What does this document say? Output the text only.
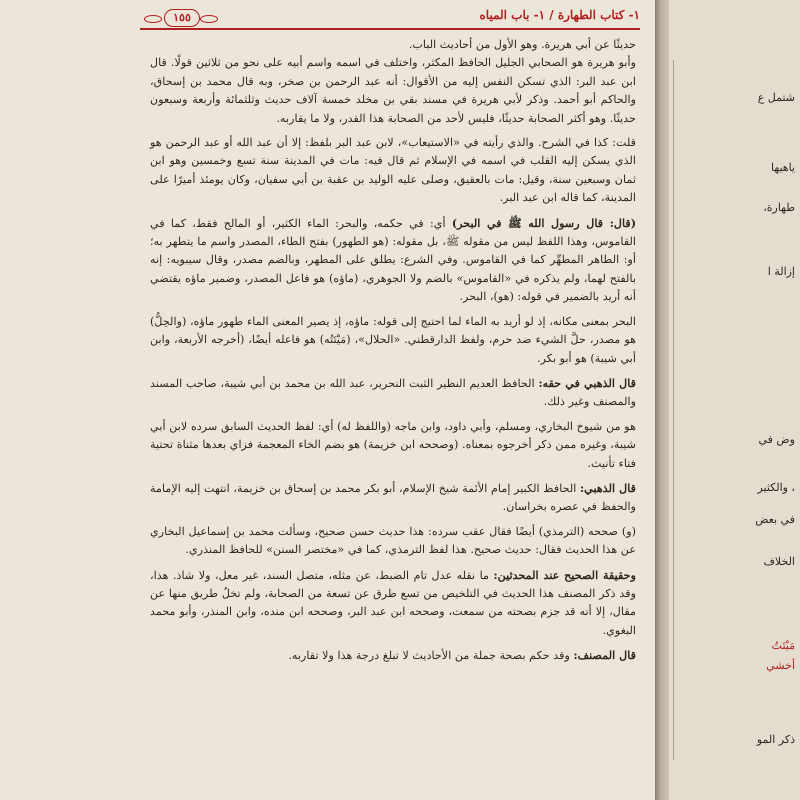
١٥٥	١- كتاب الطهارة / ١- باب المياه

حديثًا عن أبي هريرة. وهو الأول من أحاديث الباب.

وأبو هريرة هو الصحابي الجليل الحافظ المكثر، واختلف في اسمه واسم أبيه على نحو من ثلاثين قولًا. قال ابن عبد البر: الذي تسكن النفس إليه من الأقوال: أنه عبد الرحمن بن صخر، وبه قال محمد بن إسحاق، والحاكم أبو أحمد. وذكر لأبي هريرة في مسند بقي بن مخلد خمسة آلاف حديث وثلثمائة وأربعة وسبعون حديثًا. وهو أكثر الصحابة حديثًا، فليس لأحد من الصحابة هذا القدر، ولا ما يقاربه.

قلت: كذا في الشرح. والذي رأيته في «الاستيعاب»، لابن عبد البر بلفظ: إلا أن عبد الله أو عبد الرحمن هو الذي يسكن إليه القلب في اسمه في الإسلام ثم قال فيه: مات في المدينة سنة تسع وخمسين وهو ابن ثمان وسبعين سنة، وقيل: مات بالعقيق، وصلى عليه الوليد بن عقبة بن أبي سفيان، وكان يومئذ أميرًا على المدينة، كما قاله ابن عبد البر.

(قال: قال رسول الله ﷺ في البحر) أي: في حكمه، والبحر: الماء الكثير، أو المالح فقط، كما في القاموس، وهذا اللفظ ليس من مقوله ﷺ، بل مقوله: (هو الطهور) بفتح الطاء، المصدر واسم ما يتطهر به؛ أو: الطاهر المطهِّر كما في القاموس. وفي الشرع: يطلق على المطهر، وبالضم مصدر، وقال سيبويه: إنه بالفتح لهما، ولم يذكره في «القاموس» بالضم ولا الجوهري، (ماؤه) هو فاعل المصدر، وضمير ماؤه يقتضي أنه أريد بالضمير في قوله: (هو)، البحر.

البحر بمعنى مكانه، إذ لو أريد به الماء لما احتيج إلى قوله: ماؤه، إذ يصير المعنى الماء طهور ماؤه، (والحِلُّ) هو مصدر، حلَّ الشيء ضد حرم، ولفظ الدارقطني. «الحلال»، (مَيْتَتُه) هو فاعله أيضًا، (أخرجه الأربعة، وابن أبي شيبة) هو أبو بكر.

قال الذهبي في حقه: الحافظ العديم النظير الثبت النحرير، عبد الله بن محمد بن أبي شيبة، صاحب المسند والمصنف وغير ذلك.

هو من شيوخ البخاري، ومسلم، وأبي داود، وابن ماجه (واللفظ له) أي: لفظ الحديث السابق سرده لابن أبي شيبة، وغيره ممن ذكر أخرجوه بمعناه. (وصححه ابن خزيمة) هو بضم الخاء المعجمة فزاي بعدها مثناة تحتية فتاء تأنيث.

قال الذهبي: الحافظ الكبير إمام الأئمة شيخ الإسلام، أبو بكر محمد بن إسحاق بن خزيمة، انتهت إليه الإمامة والحفظ في عصره بخراسان.

(و) صححه (الترمذي) أيضًا فقال عقب سرده: هذا حديث حسن صحيح، وسألت محمد بن إسماعيل البخاري عن هذا الحديث فقال: حديث صحيح. هذا لفظ الترمذي، كما في «مختصر السنن» للحافظ المنذري.

وحقيقة الصحيح عند المحدثين: ما نقله عدل تام الضبط، عن مثله، متصل السند، غير معل، ولا شاذ. هذا، وقد ذكر المصنف هذا الحديث في التلخيص من تسع طرق عن تسعة من الصحابة، ولم تخلُ طريق منها عن مقال، إلا أنه قد جزم بصحته من سمعت، وصححه ابن عبد البر، وصححه ابن منده، وابن المنذر، وأبو محمد البغوي.

قال المصنف: وقد حكم بصحة جملة من الأحاديث لا تبلغ درجة هذا ولا تقاربه.

شتمل ع
ياهيها
طهارة،
إزالة ا
وض في
، والكثير
في بعض
الخلاف
مَيْتَتُ
أخشي
ذكر المو
